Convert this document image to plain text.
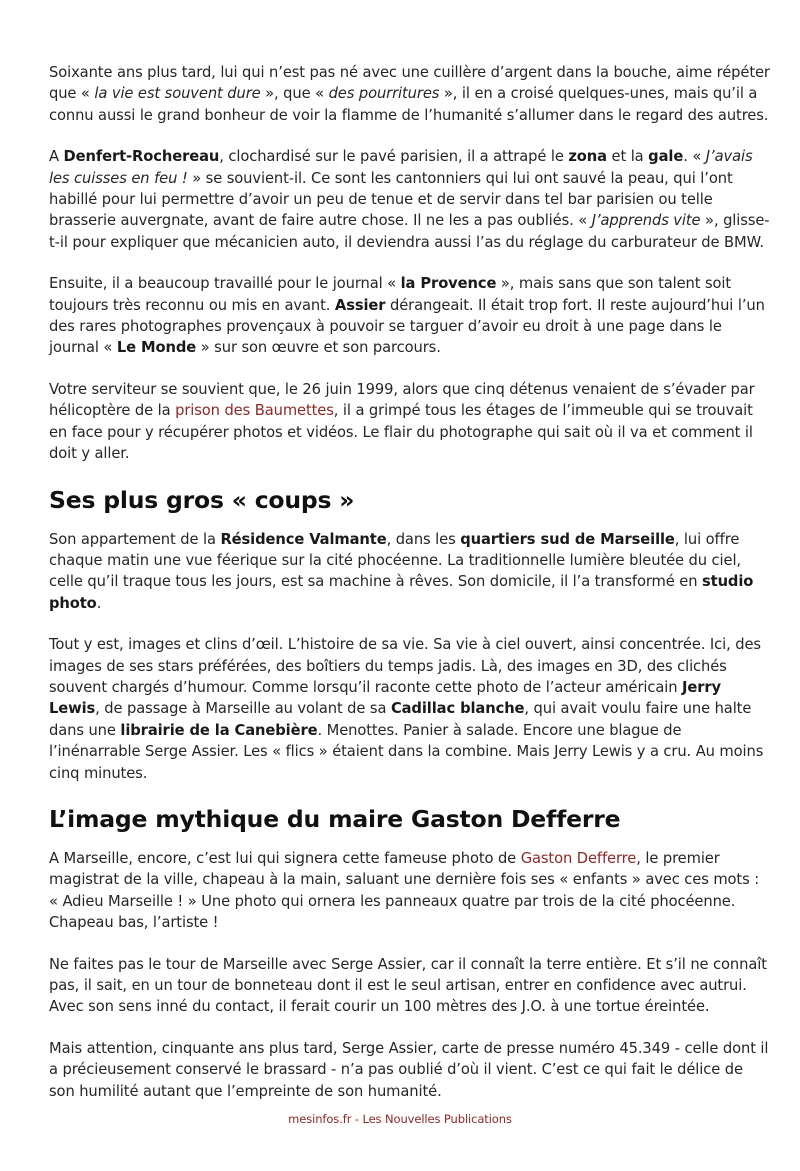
Soixante ans plus tard, lui qui n’est pas né avec une cuillère d’argent dans la bouche, aime répéter que « la vie est souvent dure », que « des pourritures », il en a croisé quelques-unes, mais qu’il a connu aussi le grand bonheur de voir la flamme de l’humanité s’allumer dans le regard des autres.

A Denfert-Rochereau, clochardisé sur le pavé parisien, il a attrapé le zona et la gale. « J’avais les cuisses en feu ! » se souvient-il. Ce sont les cantonniers qui lui ont sauvé la peau, qui l’ont habillé pour lui permettre d’avoir un peu de tenue et de servir dans tel bar parisien ou telle brasserie auvergnate, avant de faire autre chose. Il ne les a pas oubliés. « J’apprends vite », glisse-t-il pour expliquer que mécanicien auto, il deviendra aussi l’as du réglage du carburateur de BMW.

Ensuite, il a beaucoup travaillé pour le journal « la Provence », mais sans que son talent soit toujours très reconnu ou mis en avant. Assier dérangeait. Il était trop fort. Il reste aujourd’hui l’un des rares photographes provençaux à pouvoir se targuer d’avoir eu droit à une page dans le journal « Le Monde » sur son œuvre et son parcours.

Votre serviteur se souvient que, le 26 juin 1999, alors que cinq détenus venaient de s’évader par hélicoptère de la prison des Baumettes, il a grimpé tous les étages de l’immeuble qui se trouvait en face pour y récupérer photos et vidéos. Le flair du photographe qui sait où il va et comment il doit y aller.

Ses plus gros « coups »

Son appartement de la Résidence Valmante, dans les quartiers sud de Marseille, lui offre chaque matin une vue féerique sur la cité phocéenne. La traditionnelle lumière bleutée du ciel, celle qu’il traque tous les jours, est sa machine à rêves. Son domicile, il l’a transformé en studio photo.

Tout y est, images et clins d’œil. L’histoire de sa vie. Sa vie à ciel ouvert, ainsi concentrée. Ici, des images de ses stars préférées, des boîtiers du temps jadis. Là, des images en 3D, des clichés souvent chargés d’humour. Comme lorsqu’il raconte cette photo de l’acteur américain Jerry Lewis, de passage à Marseille au volant de sa Cadillac blanche, qui avait voulu faire une halte dans une librairie de la Canebière. Menottes. Panier à salade. Encore une blague de l’inénarrable Serge Assier. Les « flics » étaient dans la combine. Mais Jerry Lewis y a cru. Au moins cinq minutes.

L’image mythique du maire Gaston Defferre

A Marseille, encore, c’est lui qui signera cette fameuse photo de Gaston Defferre, le premier magistrat de la ville, chapeau à la main, saluant une dernière fois ses « enfants » avec ces mots : « Adieu Marseille ! » Une photo qui ornera les panneaux quatre par trois de la cité phocéenne. Chapeau bas, l’artiste !

Ne faites pas le tour de Marseille avec Serge Assier, car il connaît la terre entière. Et s’il ne connaît pas, il sait, en un tour de bonneteau dont il est le seul artisan, entrer en confidence avec autrui. Avec son sens inné du contact, il ferait courir un 100 mètres des J.O. à une tortue éreintée.

Mais attention, cinquante ans plus tard, Serge Assier, carte de presse numéro 45.349 - celle dont il a précieusement conservé le brassard - n’a pas oublié d’où il vient. C’est ce qui fait le délice de son humilité autant que l’empreinte de son humanité.

mesinfos.fr - Les Nouvelles Publications
